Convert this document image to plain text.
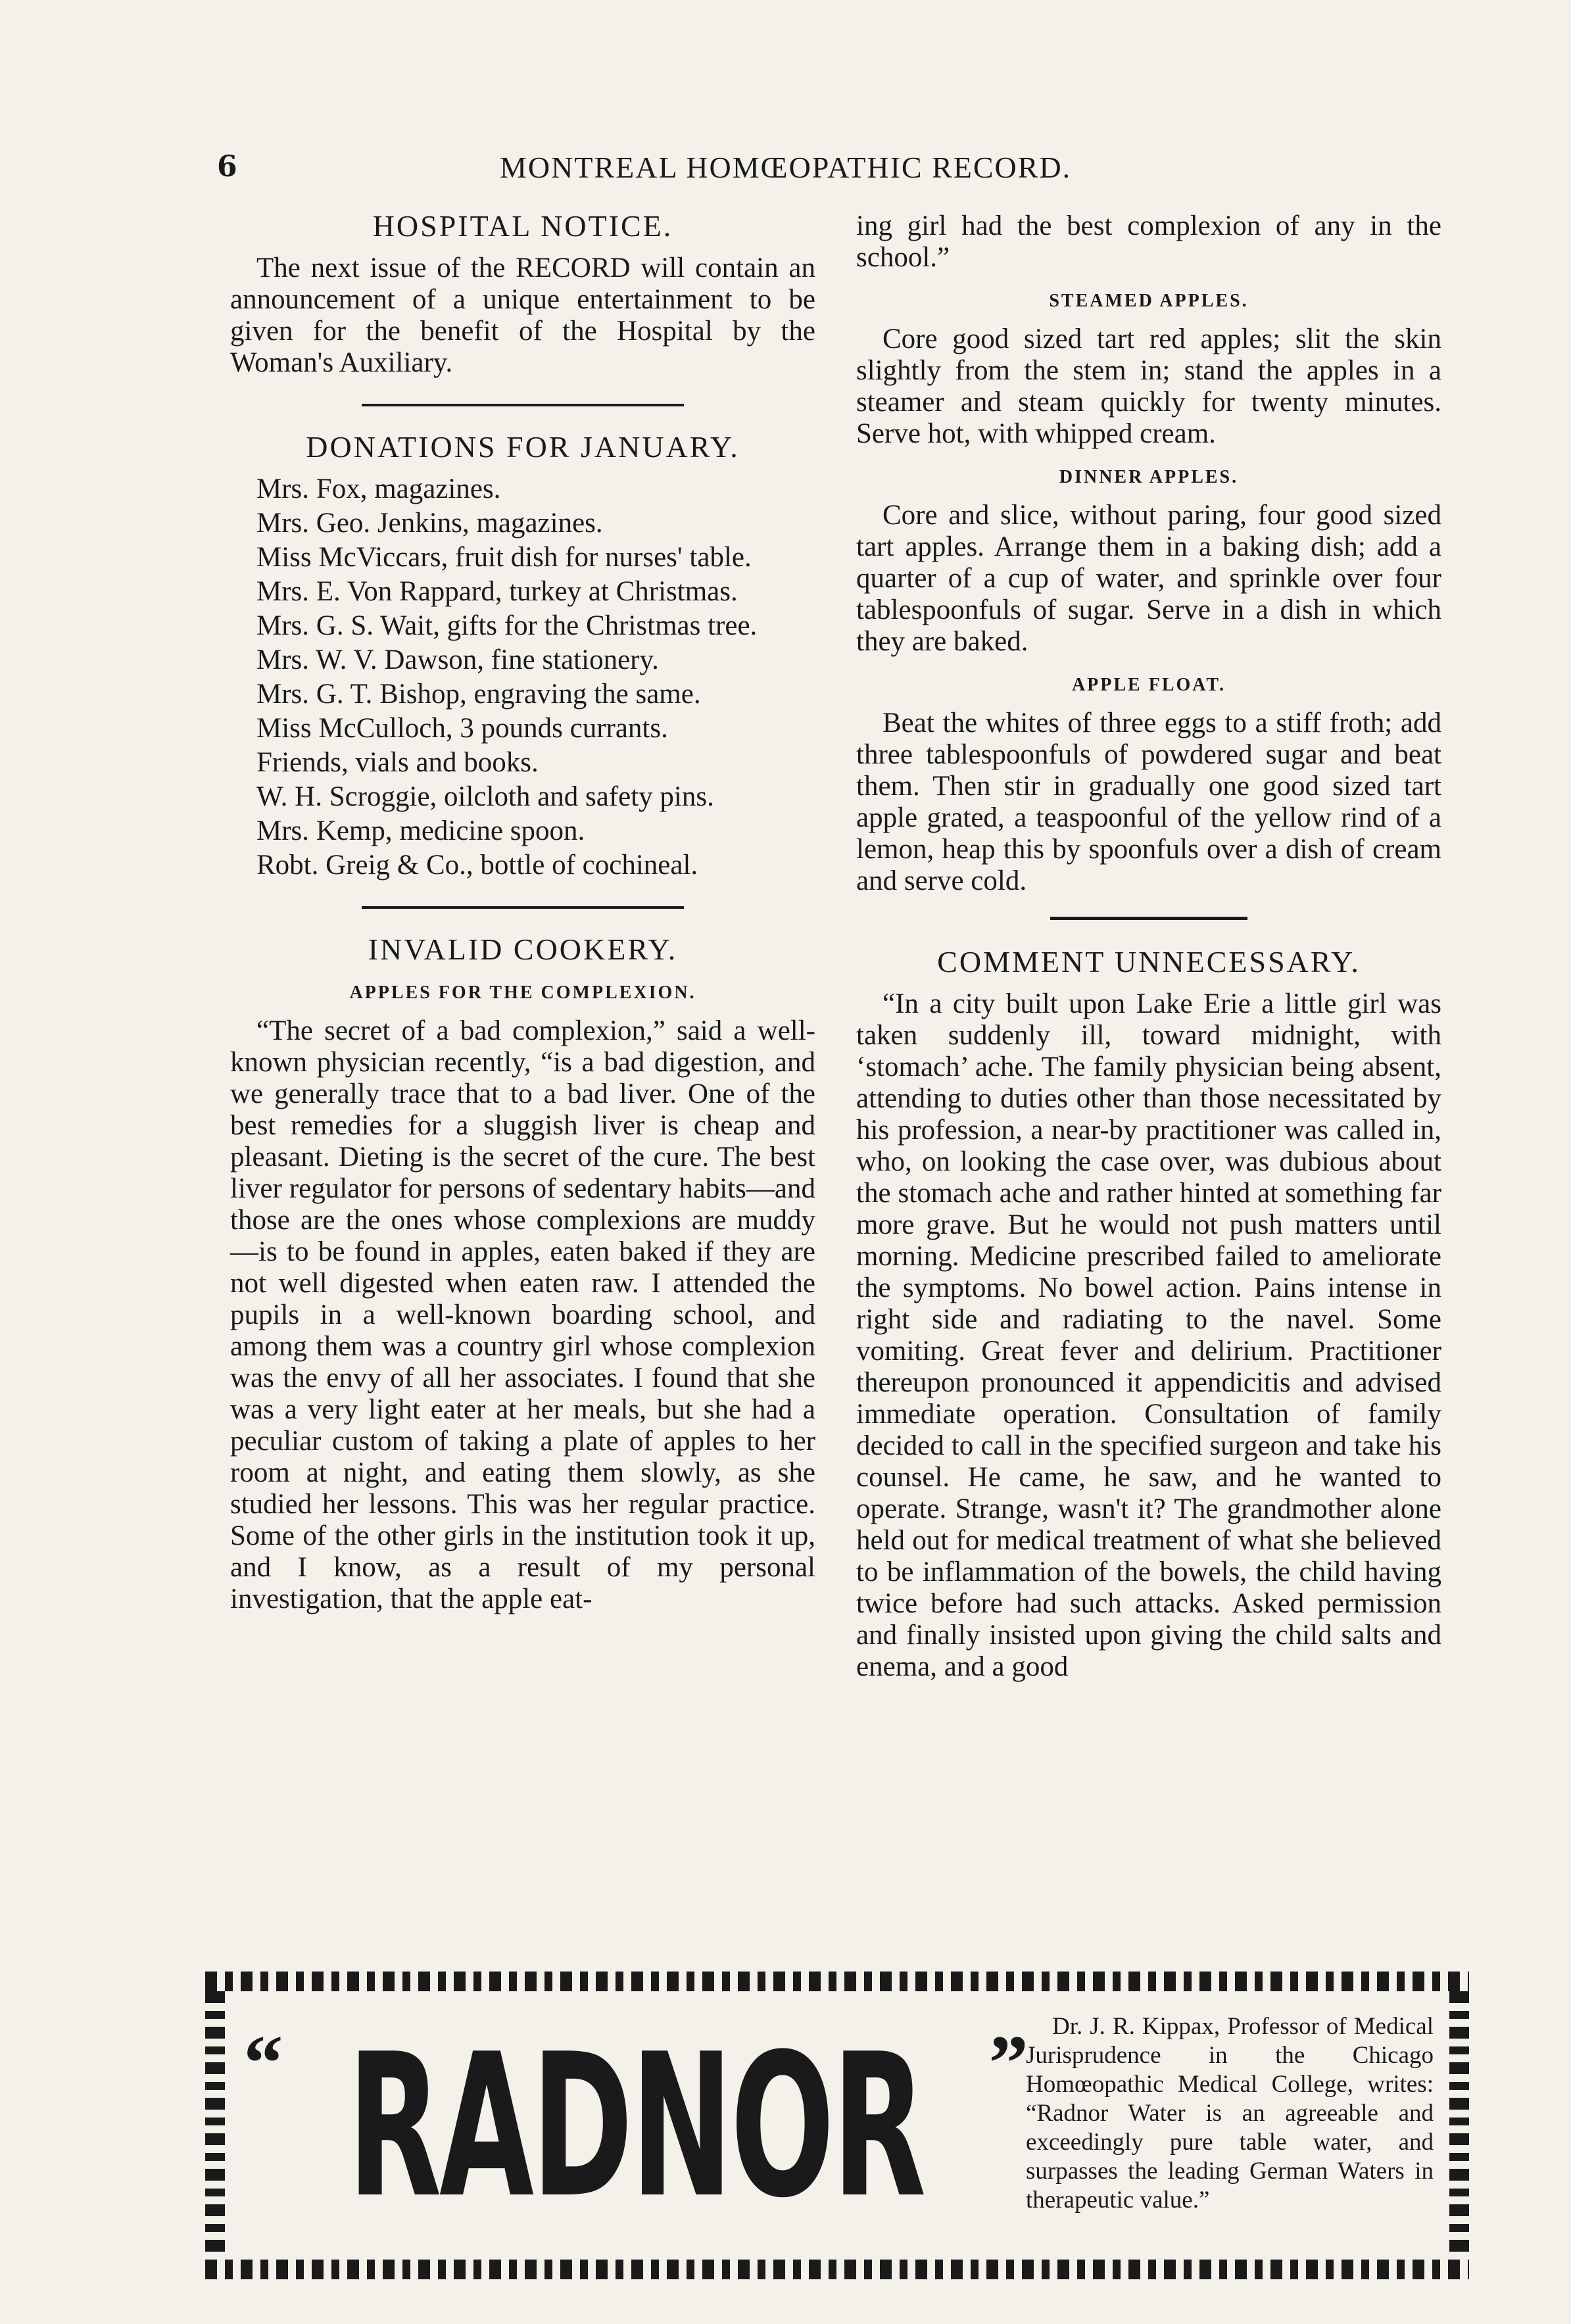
6	MONTREAL HOMŒOPATHIC RECORD.
HOSPITAL NOTICE.

The next issue of the RECORD will contain an announcement of a unique entertainment to be given for the benefit of the Hospital by the Woman's Auxiliary.

DONATIONS FOR JANUARY.
Mrs. Fox, magazines.
Mrs. Geo. Jenkins, magazines.
Miss McViccars, fruit dish for nurses' table.
Mrs. E. Von Rappard, turkey at Christmas.
Mrs. G. S. Wait, gifts for the Christmas tree.
Mrs. W. V. Dawson, fine stationery.
Mrs. G. T. Bishop, engraving the same.
Miss McCulloch, 3 pounds currants.
Friends, vials and books.
W. H. Scroggie, oilcloth and safety pins.
Mrs. Kemp, medicine spoon.
Robt. Greig & Co., bottle of cochineal.
INVALID COOKERY.
APPLES FOR THE COMPLEXION.

“The secret of a bad complexion,” said a well-known physician recently, “is a bad digestion, and we generally trace that to a bad liver. One of the best remedies for a sluggish liver is cheap and pleasant. Dieting is the secret of the cure. The best liver regulator for persons of sedentary habits—and those are the ones whose complexions are muddy—is to be found in apples, eaten baked if they are not well digested when eaten raw. I attended the pupils in a well-known boarding school, and among them was a country girl whose complexion was the envy of all her associates. I found that she was a very light eater at her meals, but she had a peculiar custom of taking a plate of apples to her room at night, and eating them slowly, as she studied her lessons. This was her regular practice. Some of the other girls in the institution took it up, and I know, as a result of my personal investigation, that the apple eat-

ing girl had the best complexion of any in the school.”

STEAMED APPLES.

Core good sized tart red apples; slit the skin slightly from the stem in; stand the apples in a steamer and steam quickly for twenty minutes. Serve hot, with whipped cream.

DINNER APPLES.

Core and slice, without paring, four good sized tart apples. Arrange them in a baking dish; add a quarter of a cup of water, and sprinkle over four tablespoonfuls of sugar. Serve in a dish in which they are baked.

APPLE FLOAT.

Beat the whites of three eggs to a stiff froth; add three tablespoonfuls of powdered sugar and beat them. Then stir in gradually one good sized tart apple grated, a teaspoonful of the yellow rind of a lemon, heap this by spoonfuls over a dish of cream and serve cold.

COMMENT UNNECESSARY.

“In a city built upon Lake Erie a little girl was taken suddenly ill, toward midnight, with ‘stomach’ ache. The family physician being absent, attending to duties other than those necessitated by his profession, a near-by practitioner was called in, who, on looking the case over, was dubious about the stomach ache and rather hinted at something far more grave. But he would not push matters until morning. Medicine prescribed failed to ameliorate the symptoms. No bowel action. Pains intense in right side and radiating to the navel. Some vomiting. Great fever and delirium. Practitioner thereupon pronounced it appendicitis and advised immediate operation. Consultation of family decided to call in the specified surgeon and take his counsel. He came, he saw, and he wanted to operate. Strange, wasn't it? The grandmother alone held out for medical treatment of what she believed to be inflammation of the bowels, the child having twice before had such attacks. Asked permission and finally insisted upon giving the child salts and enema, and a good

“ RADNOR ” Dr. J. R. Kippax, Professor of Medical Jurisprudence in the Chicago Homœopathic Medical College, writes: “Radnor Water is an agreeable and exceedingly pure table water, and surpasses the leading German Waters in therapeutic value.”
